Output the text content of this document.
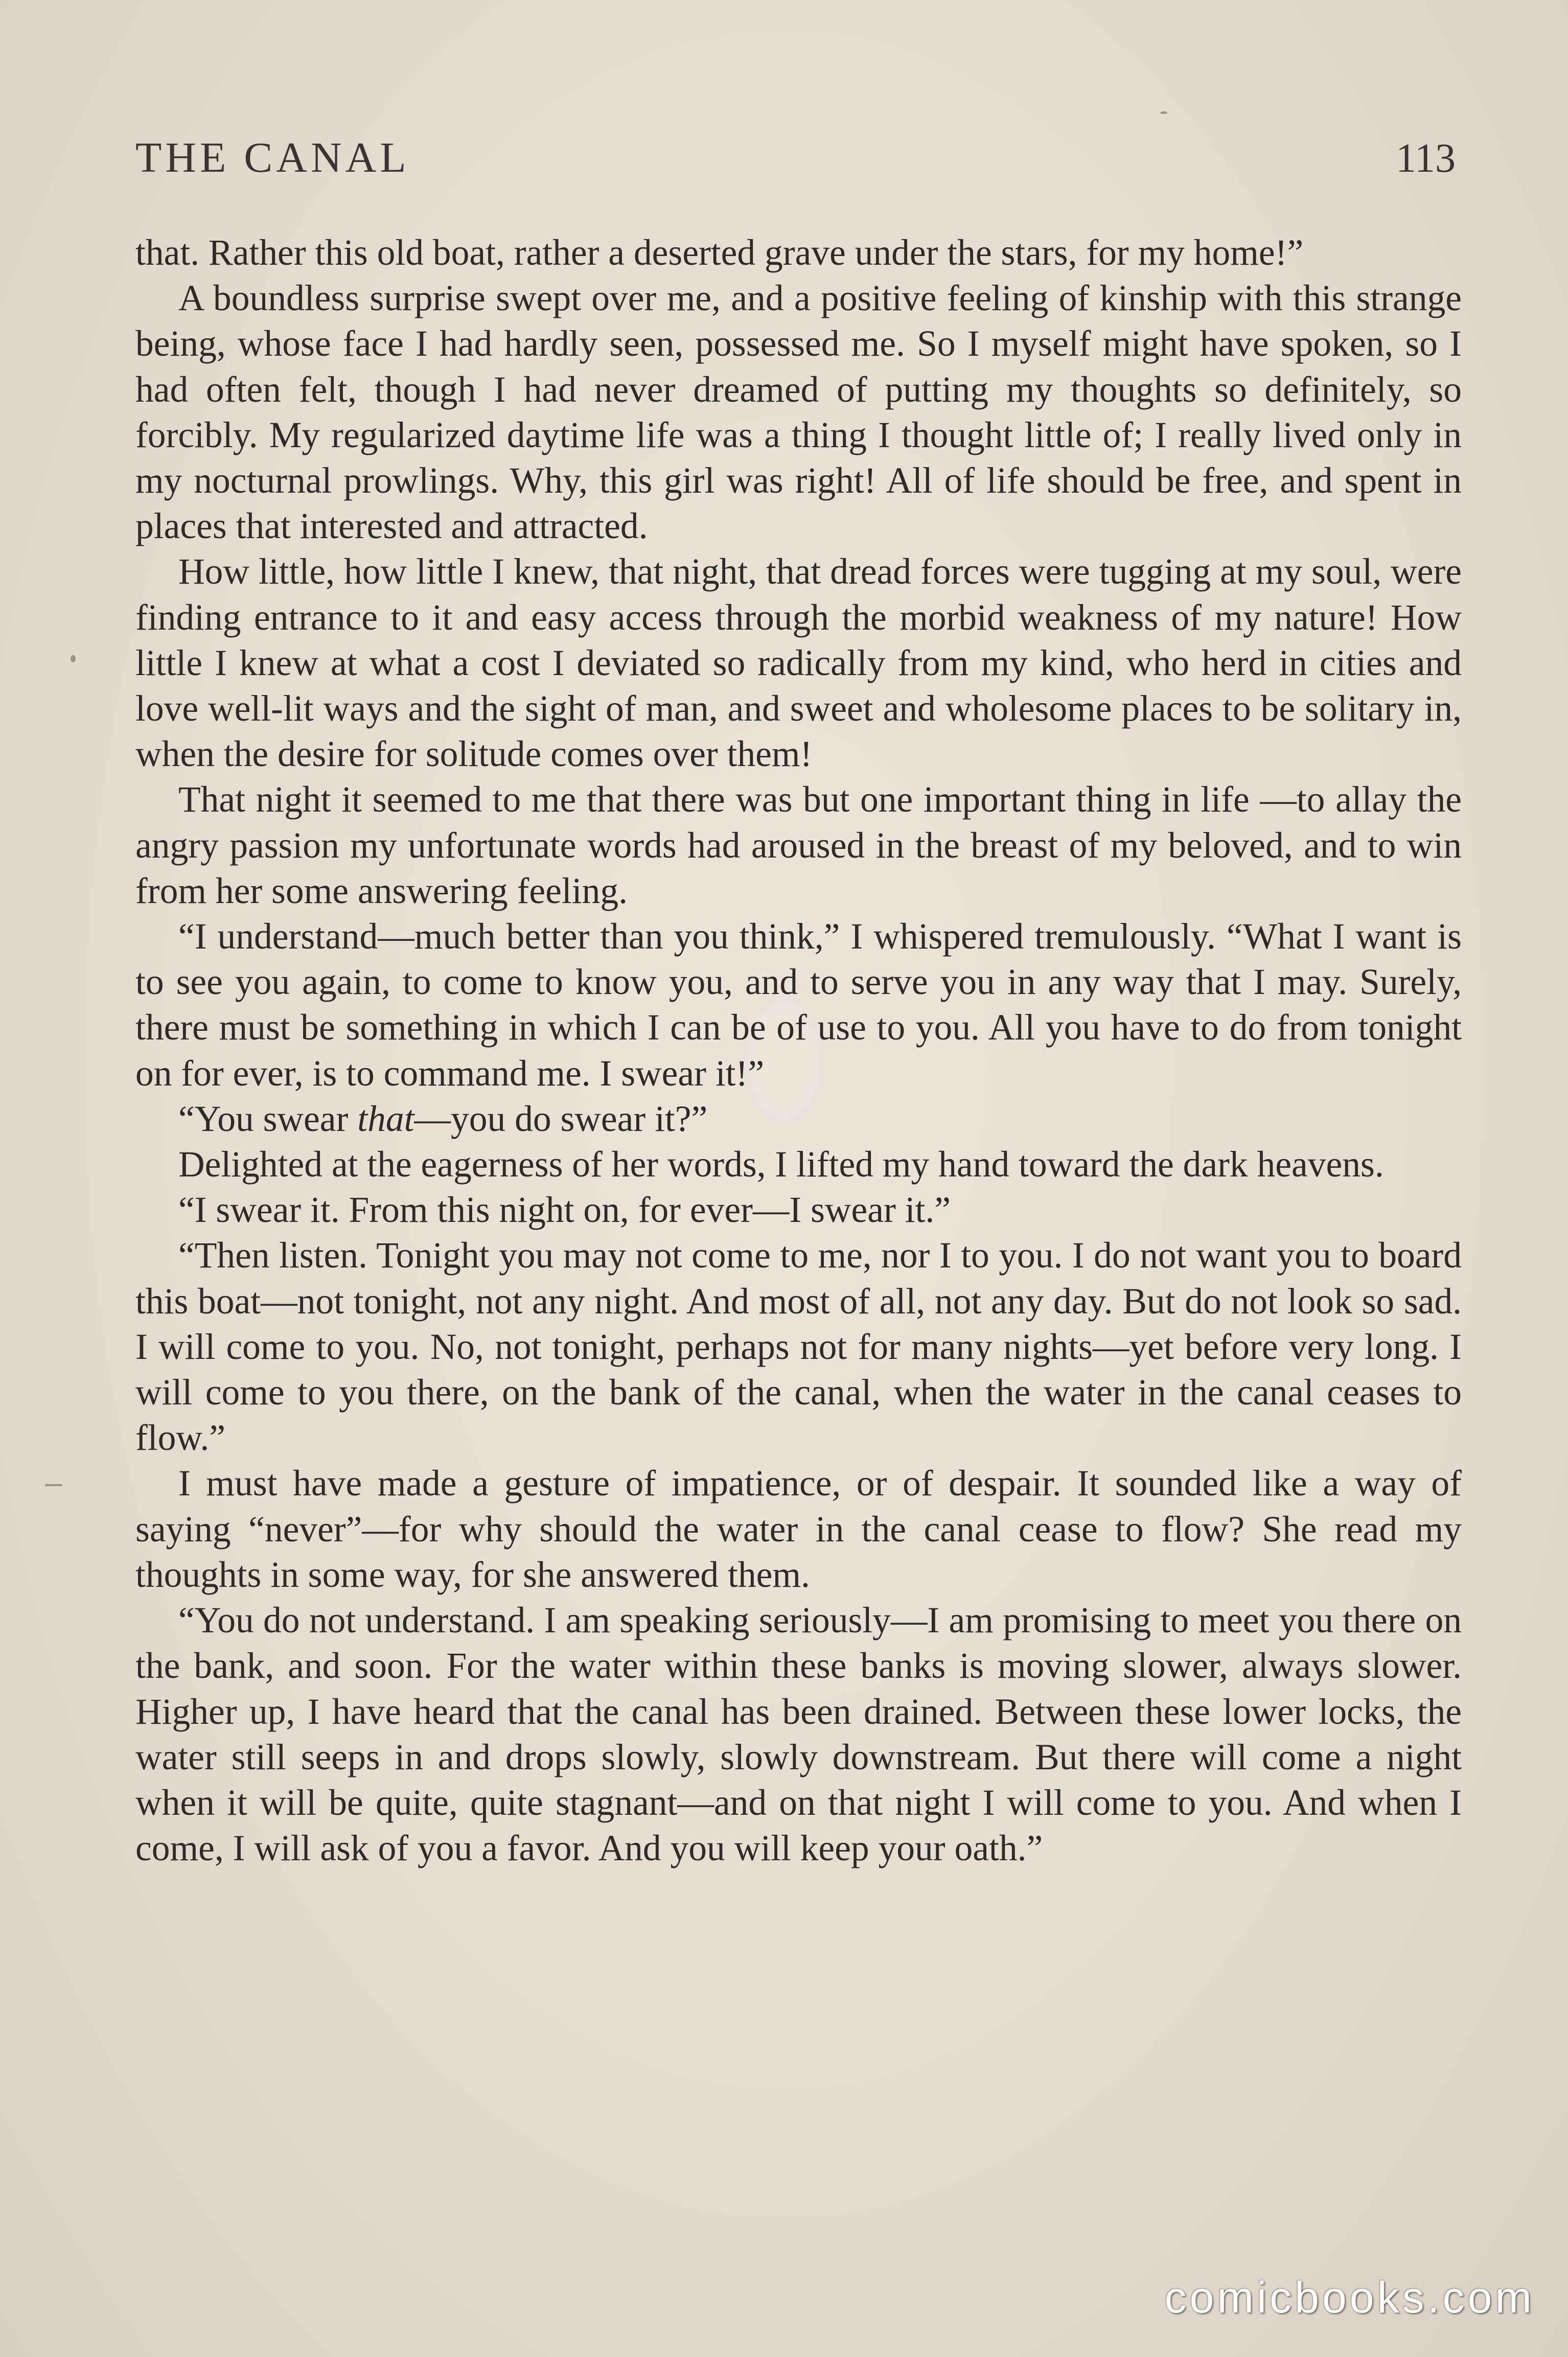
THE CANAL	113

that. Rather this old boat, rather a deserted grave under the stars, for my home!”

A boundless surprise swept over me, and a positive feeling of kinship with this strange being, whose face I had hardly seen, possessed me. So I myself might have spoken, so I had often felt, though I had never dreamed of putting my thoughts so definitely, so forcibly. My regularized daytime life was a thing I thought little of; I really lived only in my nocturnal prowlings. Why, this girl was right! All of life should be free, and spent in places that interested and attracted.

How little, how little I knew, that night, that dread forces were tugging at my soul, were finding entrance to it and easy access through the morbid weakness of my nature! How little I knew at what a cost I deviated so radically from my kind, who herd in cities and love well-lit ways and the sight of man, and sweet and wholesome places to be solitary in, when the desire for solitude comes over them!

That night it seemed to me that there was but one important thing in life —to allay the angry passion my unfortunate words had aroused in the breast of my beloved, and to win from her some answering feeling.

“I understand—much better than you think,” I whispered tremulously. “What I want is to see you again, to come to know you, and to serve you in any way that I may. Surely, there must be something in which I can be of use to you. All you have to do from tonight on for ever, is to command me. I swear it!”

“You swear that—you do swear it?”

Delighted at the eagerness of her words, I lifted my hand toward the dark heavens.

“I swear it. From this night on, for ever—I swear it.”

“Then listen. Tonight you may not come to me, nor I to you. I do not want you to board this boat—not tonight, not any night. And most of all, not any day. But do not look so sad. I will come to you. No, not tonight, perhaps not for many nights—yet before very long. I will come to you there, on the bank of the canal, when the water in the canal ceases to flow.”

I must have made a gesture of impatience, or of despair. It sounded like a way of saying “never”—for why should the water in the canal cease to flow? She read my thoughts in some way, for she answered them.

“You do not understand. I am speaking seriously—I am promising to meet you there on the bank, and soon. For the water within these banks is moving slower, always slower. Higher up, I have heard that the canal has been drained. Between these lower locks, the water still seeps in and drops slowly, slowly downstream. But there will come a night when it will be quite, quite stagnant—and on that night I will come to you. And when I come, I will ask of you a favor. And you will keep your oath.”

comicbooks.com
